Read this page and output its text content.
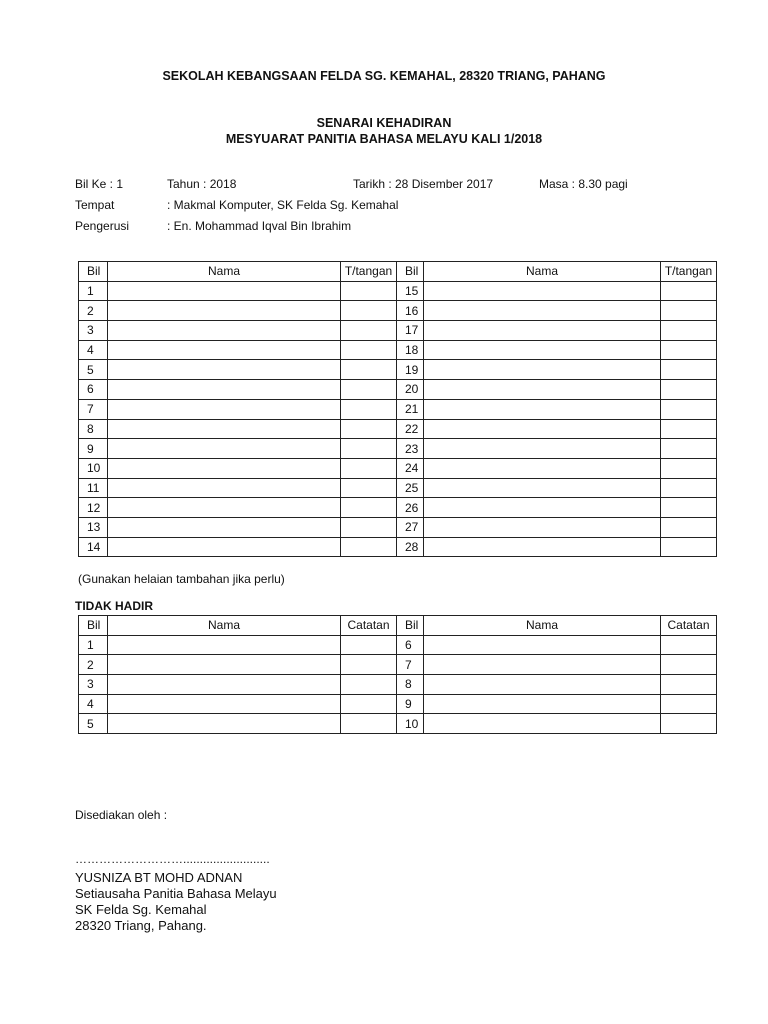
SEKOLAH KEBANGSAAN FELDA SG. KEMAHAL, 28320 TRIANG, PAHANG
SENARAI KEHADIRAN
MESYUARAT PANITIA BAHASA MELAYU KALI 1/2018
Bil Ke : 1	Tahun : 2018	Tarikh : 28 Disember 2017	Masa : 8.30 pagi
Tempat	: Makmal Komputer, SK Felda Sg. Kemahal
Pengerusi	: En. Mohammad Iqval Bin Ibrahim
Bil	Nama	T/tangan	Bil	Nama	T/tangan
1			15		
2			16		
3			17		
4			18		
5			19		
6			20		
7			21		
8			22		
9			23		
10			24		
11			25		
12			26		
13			27		
14			28		
(Gunakan helaian tambahan jika perlu)
TIDAK HADIR
Bil	Nama	Catatan	Bil	Nama	Catatan
1			6		
2			7		
3			8		
4			9		
5			10		
Disediakan oleh :
………………………..........................
YUSNIZA BT MOHD ADNAN
Setiausaha Panitia Bahasa Melayu
SK Felda Sg. Kemahal
28320 Triang, Pahang.
